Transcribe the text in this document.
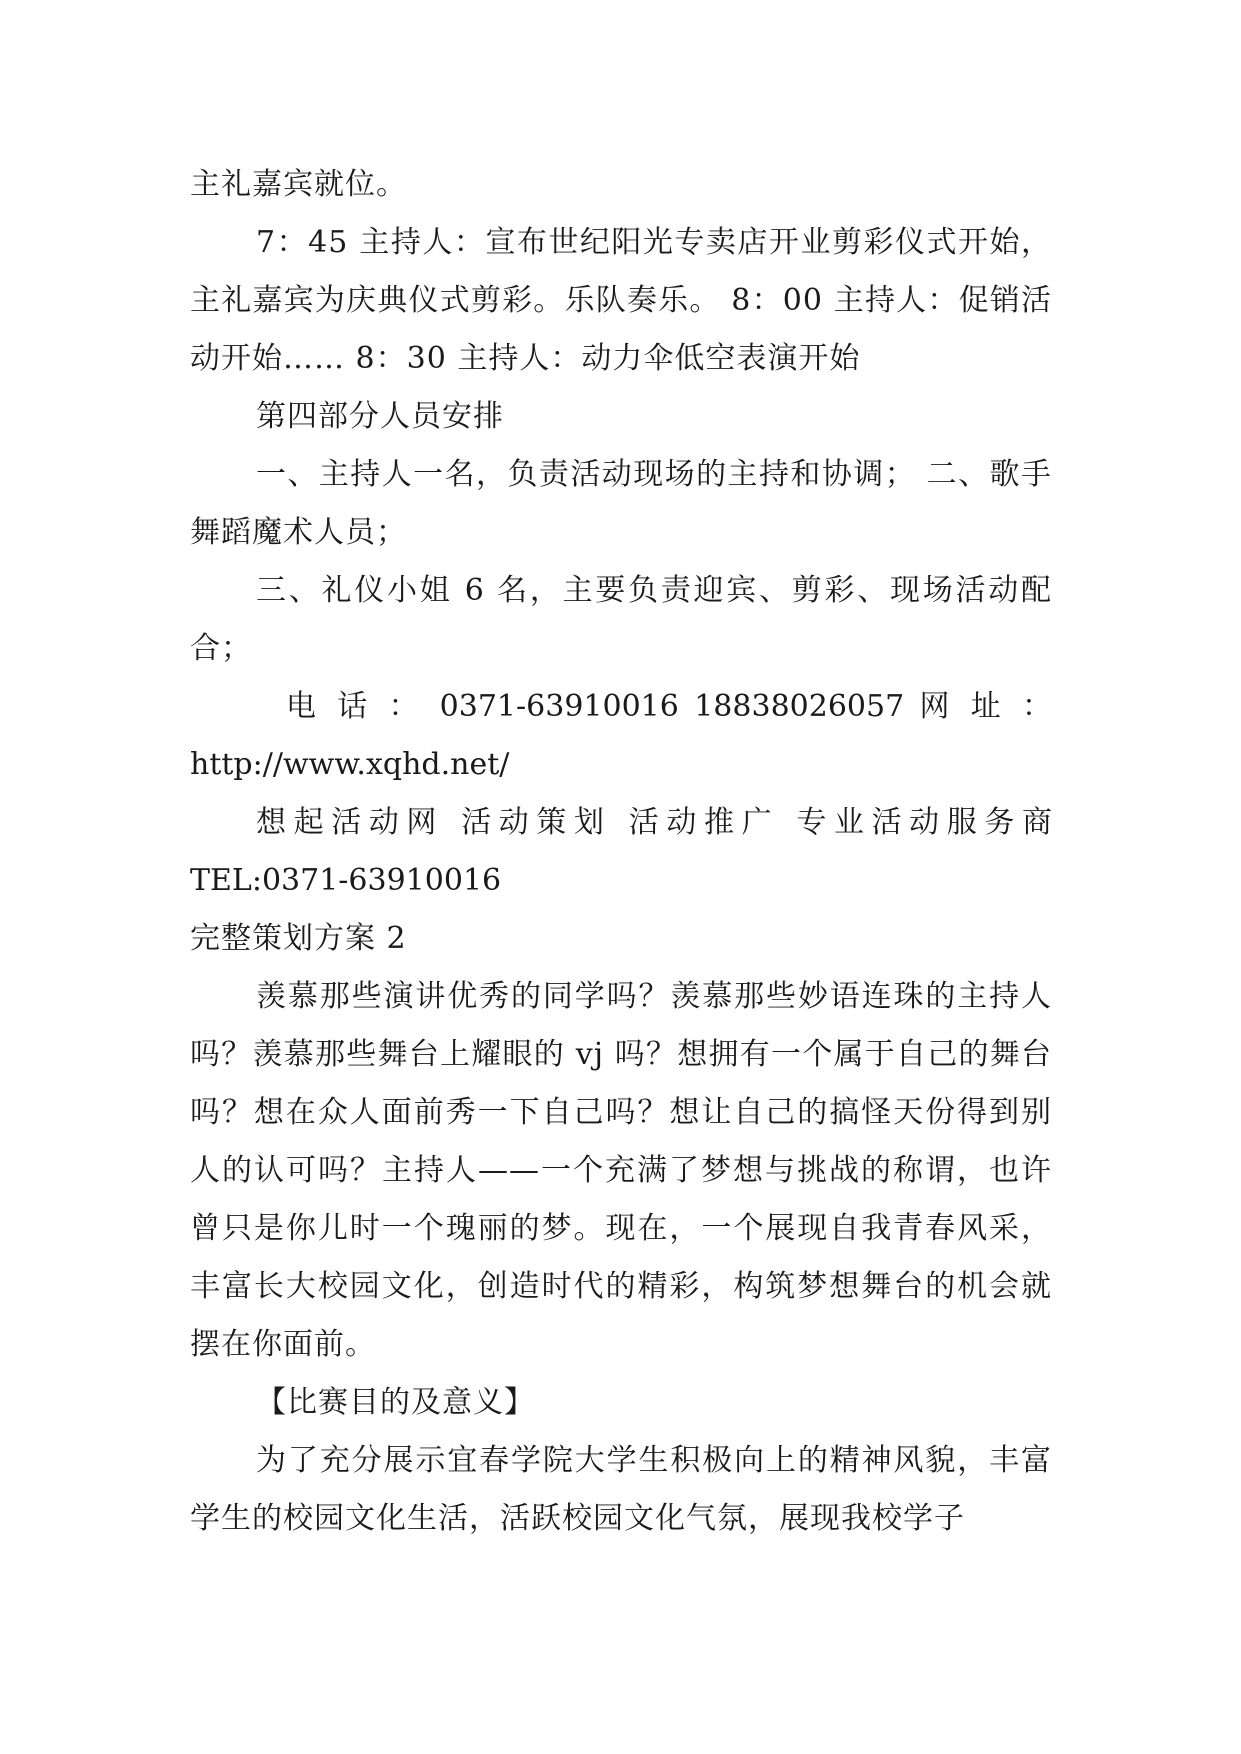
主礼嘉宾就位。

7：45 主持人：宣布世纪阳光专卖店开业剪彩仪式开始，主礼嘉宾为庆典仪式剪彩。乐队奏乐。 8：00 主持人：促销活动开始…… 8：30 主持人：动力伞低空表演开始

第四部分人员安排

一、主持人一名，负责活动现场的主持和协调； 二、歌手舞蹈魔术人员；

三、礼仪小姐 6 名，主要负责迎宾、剪彩、现场活动配合；

电 话 ： 0371-63910016 18838026057 网 址 ：http://www.xqhd.net/

想起活动网 活动策划 活动推广 专业活动服务商 TEL:0371-63910016

完整策划方案 2

羡慕那些演讲优秀的同学吗？羡慕那些妙语连珠的主持人吗？羡慕那些舞台上耀眼的 vj 吗？想拥有一个属于自己的舞台吗？想在众人面前秀一下自己吗？想让自己的搞怪天份得到别人的认可吗？主持人——一个充满了梦想与挑战的称谓，也许曾只是你儿时一个瑰丽的梦。现在，一个展现自我青春风采，丰富长大校园文化，创造时代的精彩，构筑梦想舞台的机会就摆在你面前。

【比赛目的及意义】

为了充分展示宜春学院大学生积极向上的精神风貌，丰富学生的校园文化生活，活跃校园文化气氛，展现我校学子
